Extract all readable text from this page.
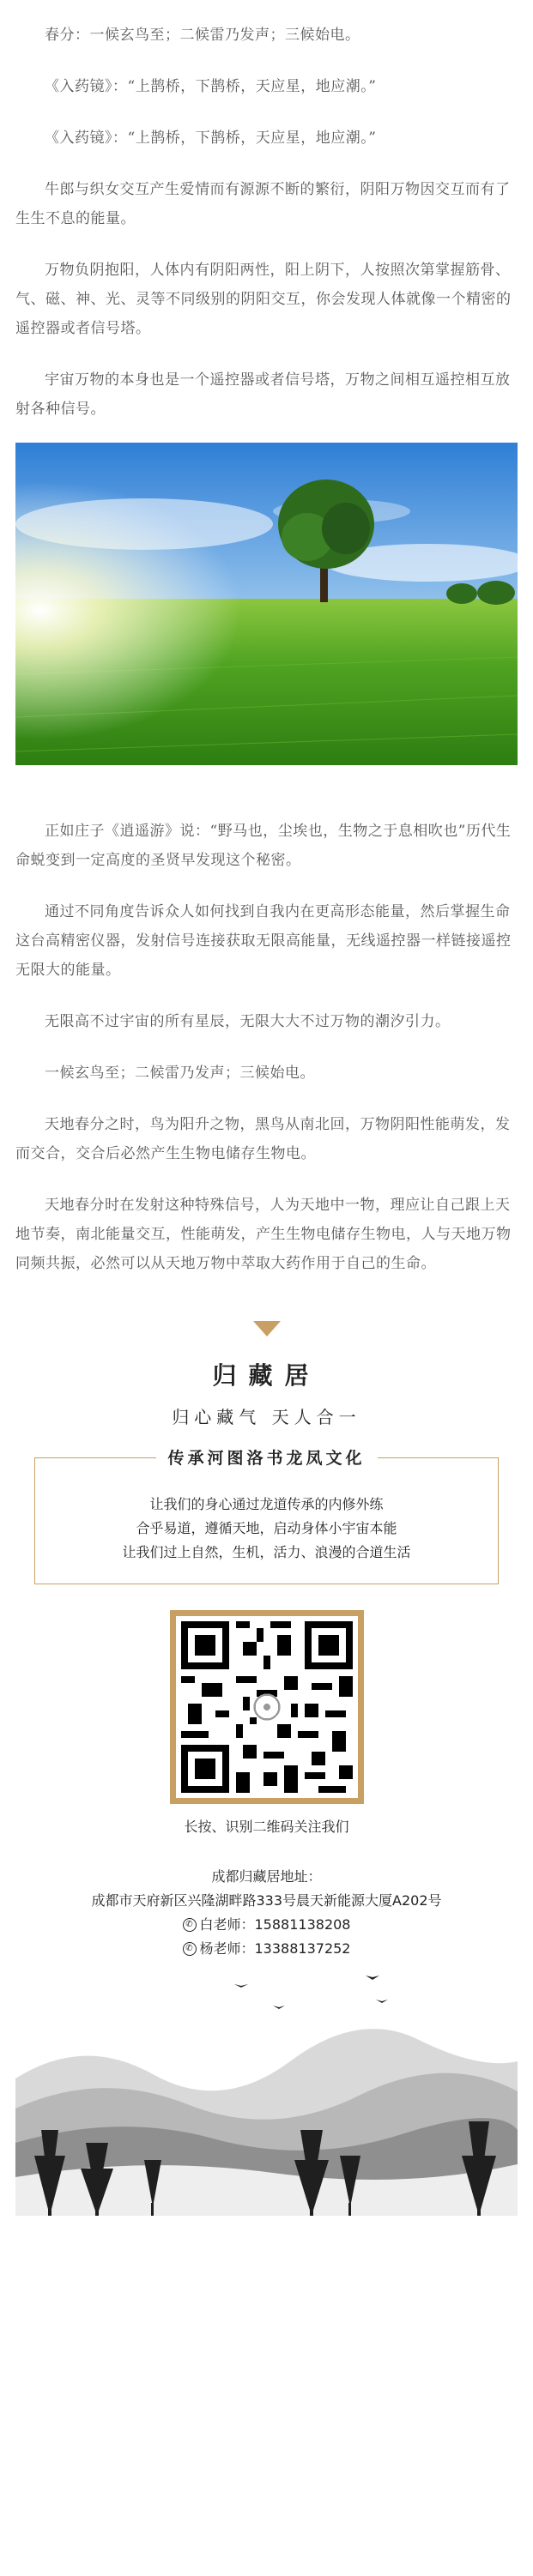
春分：一候玄鸟至；二候雷乃发声；三候始电。

《入药镜》：“上鹊桥，下鹊桥，天应星，地应潮。”

《入药镜》：“上鹊桥，下鹊桥，天应星，地应潮。”

牛郎与织女交互产生爱情而有源源不断的繁衍，阴阳万物因交互而有了生生不息的能量。

万物负阴抱阳，人体内有阴阳两性，阳上阴下，人按照次第掌握筋骨、气、磁、神、光、灵等不同级别的阴阳交互，你会发现人体就像一个精密的遥控器或者信号塔。

宇宙万物的本身也是一个遥控器或者信号塔，万物之间相互遥控相互放射各种信号。

正如庄子《逍遥游》说：“野马也，尘埃也，生物之于息相吹也”历代生命蜕变到一定高度的圣贤早发现这个秘密。

通过不同角度告诉众人如何找到自我内在更高形态能量，然后掌握生命这台高精密仪器，发射信号连接获取无限高能量，无线遥控器一样链接遥控无限大的能量。

无限高不过宇宙的所有星辰，无限大大不过万物的潮汐引力。

一候玄鸟至；二候雷乃发声；三候始电。

天地春分之时，鸟为阳升之物，黑鸟从南北回，万物阴阳性能萌发，发而交合，交合后必然产生生物电储存生物电。

天地春分时在发射这种特殊信号，人为天地中一物，理应让自己跟上天地节奏，南北能量交互，性能萌发，产生生物电储存生物电，人与天地万物同频共振，必然可以从天地万物中萃取大药作用于自己的生命。

归藏居
归心藏气 天人合一
传承河图洛书龙凤文化
让我们的身心通过龙道传承的内修外练
合乎易道，遵循天地，启动身体小宇宙本能
让我们过上自然，生机，活力、浪漫的合道生活
长按、识别二维码关注我们
成都归藏居地址：
成都市天府新区兴隆湖畔路333号晨天新能源大厦A202号
✆ 白老师：15881138208
✆ 杨老师：13388137252
